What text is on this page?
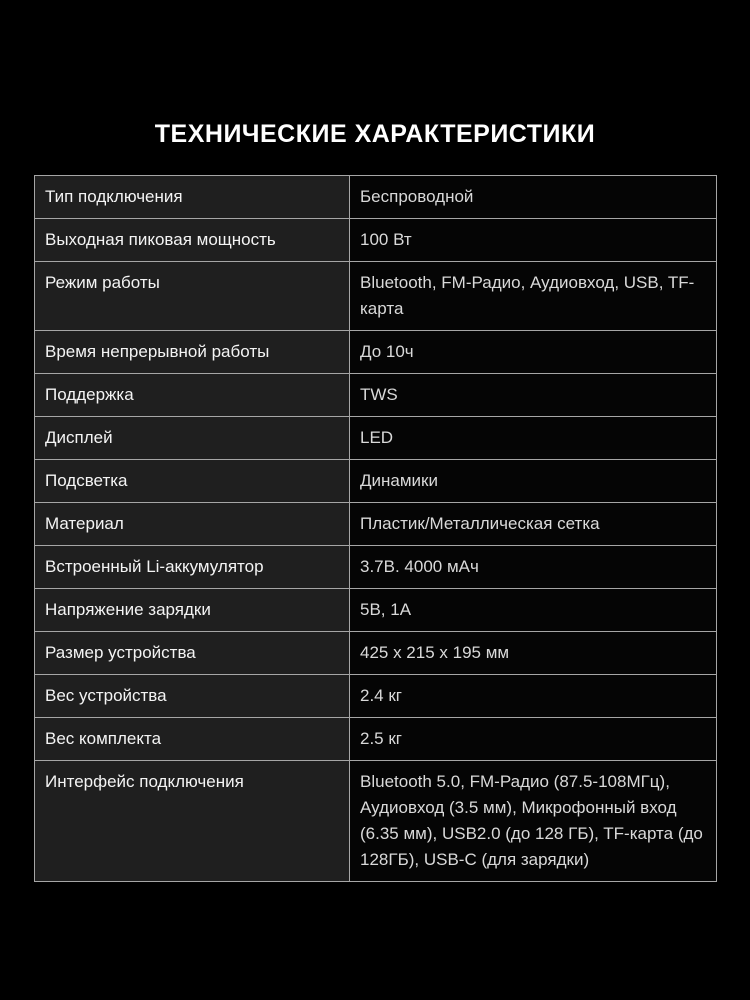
ТЕХНИЧЕСКИЕ ХАРАКТЕРИСТИКИ
Тип подключения	Беспроводной
Выходная пиковая мощность	100 Вт
Режим работы	Bluetooth, FM-Радио, Аудиовход, USB, TF-карта
Время непрерывной работы	До 10ч
Поддержка	TWS
Дисплей	LED
Подсветка	Динамики
Материал	Пластик/Металлическая сетка
Встроенный Li-аккумулятор	3.7В. 4000 мАч
Напряжение зарядки	5В, 1А
Размер устройства	425 x 215 x 195 мм
Вес устройства	2.4 кг
Вес комплекта	2.5 кг
Интерфейс подключения	Bluetooth 5.0, FM-Радио (87.5-108МГц), Аудиовход (3.5 мм), Микрофонный вход (6.35 мм), USB2.0 (до 128 ГБ), TF-карта (до 128ГБ), USB-C (для зарядки)
